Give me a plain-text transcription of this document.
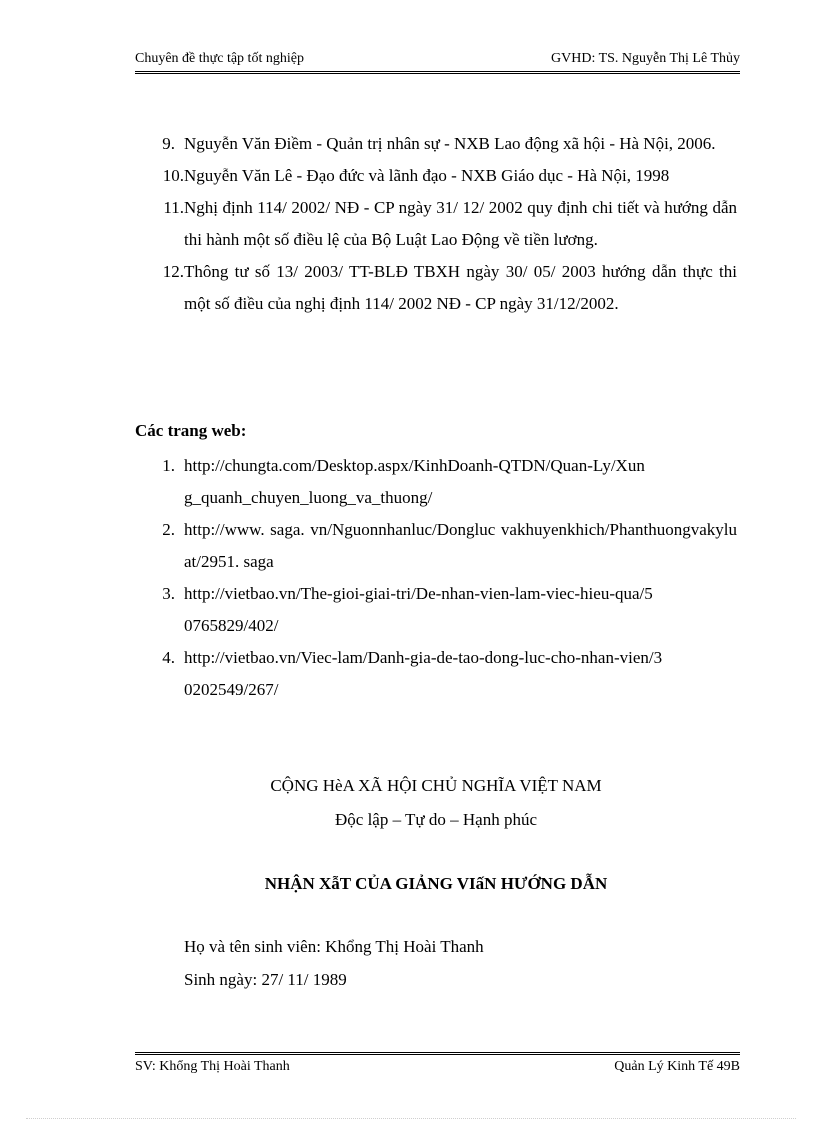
Chuyên đề thực tập tốt nghiệp	GVHD: TS. Nguyễn Thị Lê Thủy
9. Nguyễn Văn Điềm - Quản trị nhân sự - NXB Lao động xã hội - Hà Nội, 2006.
10. Nguyễn Văn Lê - Đạo đức và lãnh đạo - NXB Giáo dục - Hà Nội, 1998
11. Nghị định 114/ 2002/ NĐ - CP ngày 31/ 12/ 2002 quy định chi tiết và hướng dẫn thi hành một số điều lệ của Bộ Luật Lao Động về tiền lương.
12. Thông tư số 13/ 2003/ TT-BLĐ TBXH ngày 30/ 05/ 2003 hướng dẫn thực thi một số điều của nghị định 114/ 2002 NĐ - CP ngày 31/12/2002.
Các trang web:
1. http://chungta.com/Desktop.aspx/KinhDoanh-QTDN/Quan-Ly/Xung_quanh_chuyen_luong_va_thuong/
2. http://www. saga. vn/Nguonnhanluc/Dongluc vakhuyenkhich/Phanthuongvakyluat/2951. saga
3. http://vietbao.vn/The-gioi-giai-tri/De-nhan-vien-lam-viec-hieu-qua/50765829/402/
4. http://vietbao.vn/Viec-lam/Danh-gia-de-tao-dong-luc-cho-nhan-vien/30202549/267/
CỘNG HèA XÃ HỘI CHỦ NGHĨA VIỆT NAM
Độc lập – Tự do – Hạnh phúc
NHẬN XẫT CỦA GIẢNG VIấN HƯỚNG DẪN
Họ và tên sinh viên: Khổng Thị Hoài Thanh
Sinh ngày: 27/ 11/ 1989
SV: Khổng Thị Hoài Thanh	Quản Lý Kinh Tế 49B
